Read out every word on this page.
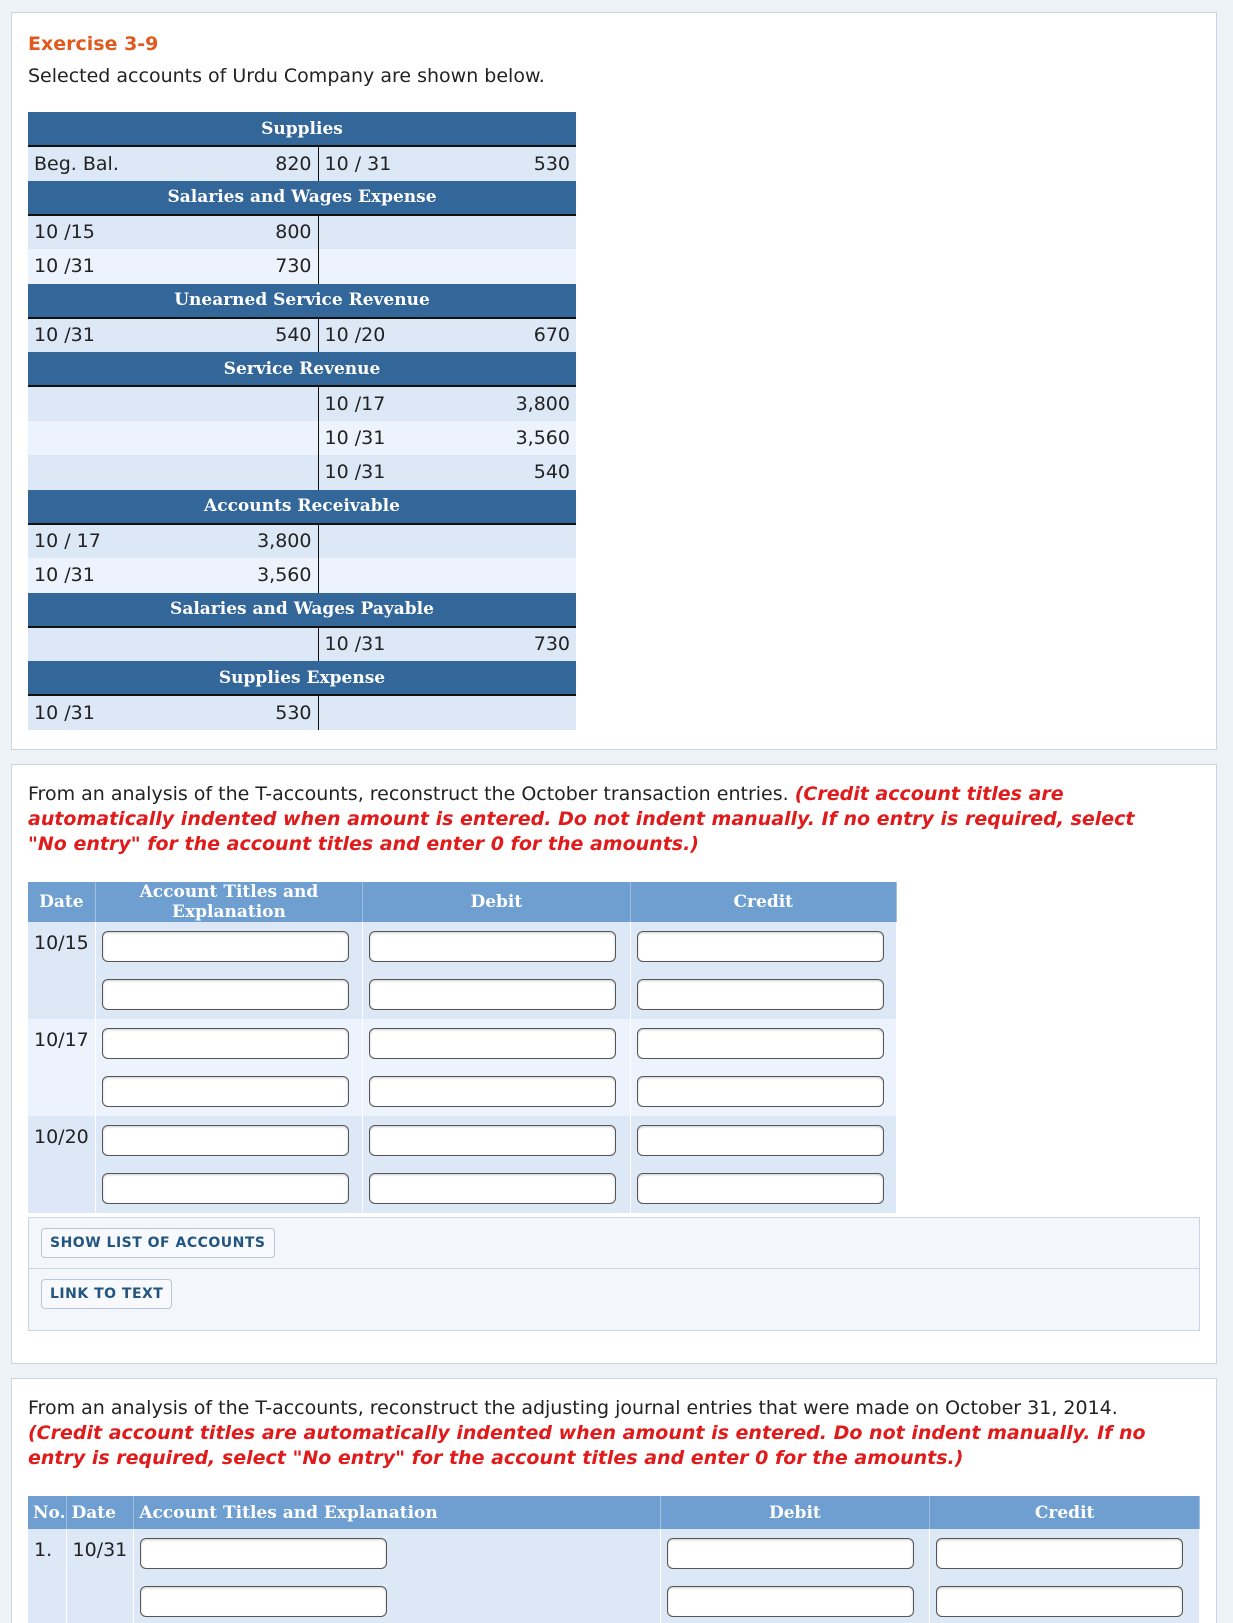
Exercise 3-9
Selected accounts of Urdu Company are shown below.
Supplies			
Beg. Bal.	820	10 / 31	530
Salaries and Wages Expense			
10 /15	800		
10 /31	730		
Unearned Service Revenue			
10 /31	540	10 /20	670
Service Revenue			
		10 /17	3,800
		10 /31	3,560
		10 /31	540
Accounts Receivable			
10 / 17	3,800		
10 /31	3,560		
Salaries and Wages Payable			
		10 /31	730
Supplies Expense			
10 /31	530		
From an analysis of the T-accounts, reconstruct the October transaction entries. (Credit account titles are automatically indented when amount is entered. Do not indent manually. If no entry is required, select "No entry" for the account titles and enter 0 for the amounts.)
Date	Account Titles and Explanation	Debit	Credit
10/15	

10/17	

10/20	

SHOW LIST OF ACCOUNTS
LINK TO TEXT
From an analysis of the T-accounts, reconstruct the adjusting journal entries that were made on October 31, 2014. (Credit account titles are automatically indented when amount is entered. Do not indent manually. If no entry is required, select "No entry" for the account titles and enter 0 for the amounts.)
No.	Date	Account Titles and Explanation	Debit	Credit
1.	10/31	
